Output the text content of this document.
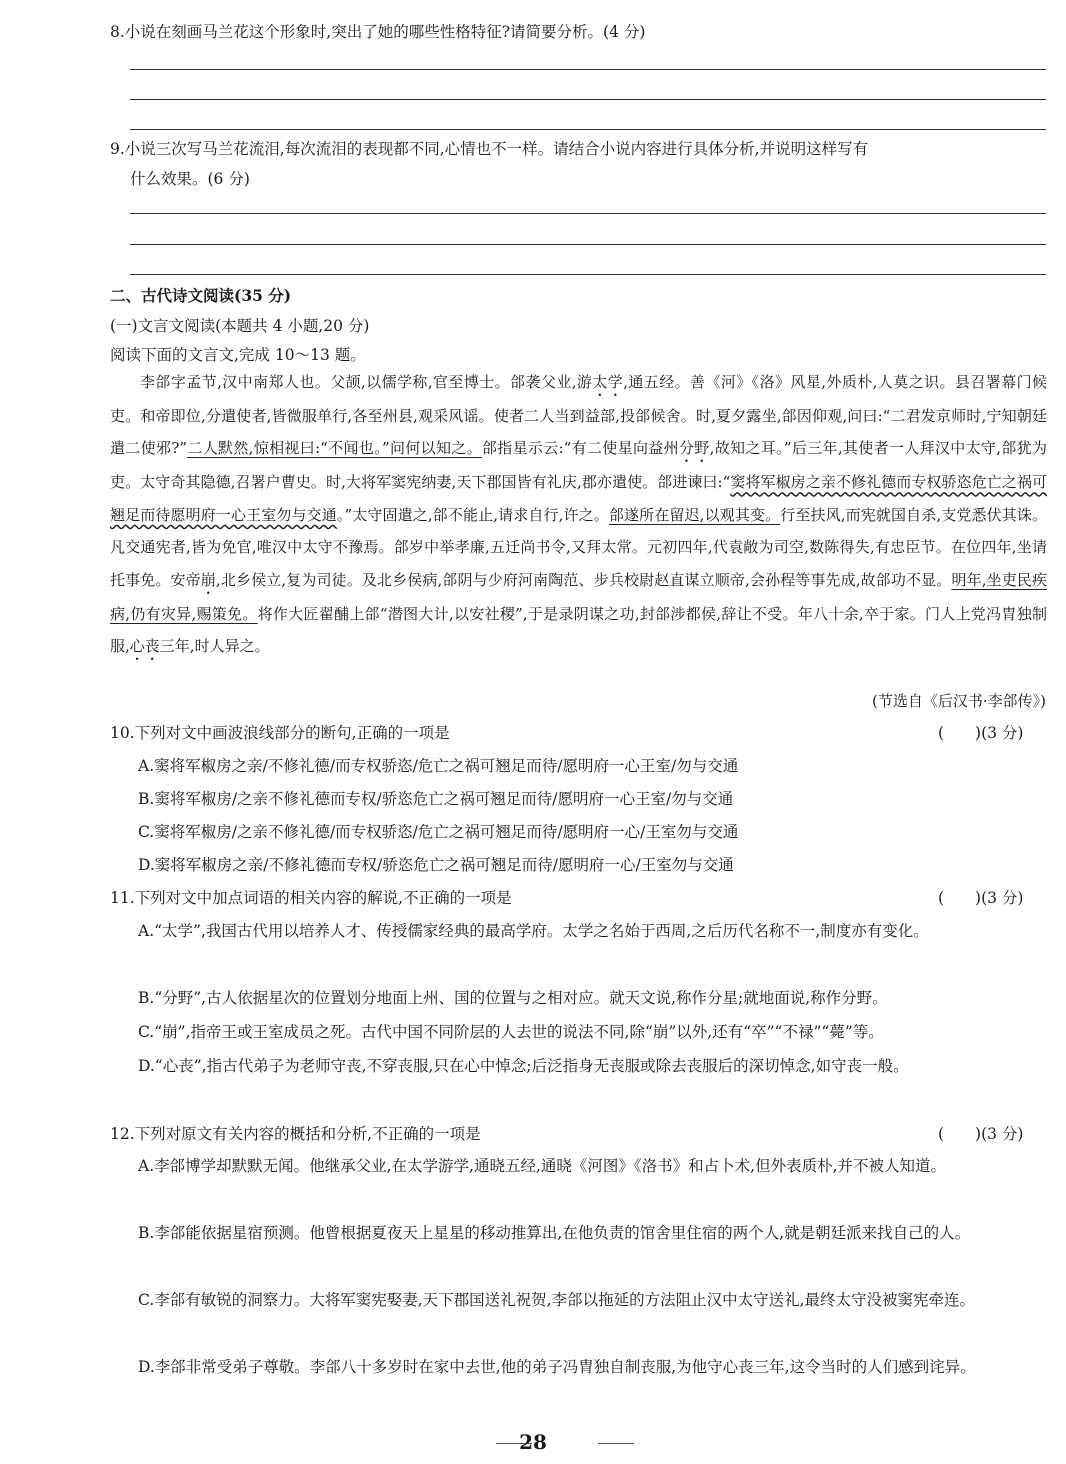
8.小说在刻画马兰花这个形象时,突出了她的哪些性格特征?请简要分析。(4 分)
9.小说三次写马兰花流泪,每次流泪的表现都不同,心情也不一样。请结合小说内容进行具体分析,并说明这样写有
什么效果。(6 分)
二、古代诗文阅读(35 分)
(一)文言文阅读(本题共 4 小题,20 分)
阅读下面的文言文,完成 10～13 题。
李郃字孟节,汉中南郑人也。父颉,以儒学称,官至博士。郃袭父业,游太学,通五经。善《河》《洛》风星,外质朴,人莫之识。县召署幕门候吏。和帝即位,分遣使者,皆微服单行,各至州县,观采风谣。使者二人当到益部,投郃候舍。时,夏夕露坐,郃因仰观,问曰:“二君发京师时,宁知朝廷遣二使邪?”二人默然,惊相视曰:“不闻也。”问何以知之。郃指星示云:“有二使星向益州分野,故知之耳。”后三年,其使者一人拜汉中太守,郃犹为吏。太守奇其隐德,召署户曹史。时,大将军窦宪纳妻,天下郡国皆有礼庆,郡亦遣使。郃进谏曰:“窦将军椒房之亲不修礼德而专权骄恣危亡之祸可翘足而待愿明府一心王室勿与交通。”太守固遣之,郃不能止,请求自行,许之。郃遂所在留迟,以观其变。行至扶风,而宪就国自杀,支党悉伏其诛。凡交通宪者,皆为免官,唯汉中太守不豫焉。郃岁中举孝廉,五迁尚书令,又拜太常。元初四年,代袁敞为司空,数陈得失,有忠臣节。在位四年,坐请托事免。安帝崩,北乡侯立,复为司徒。及北乡侯病,郃阴与少府河南陶范、步兵校尉赵直谋立顺帝,会孙程等事先成,故郃功不显。明年,坐吏民疾病,仍有灾异,赐策免。将作大匠翟酺上郃“潜图大计,以安社稷”,于是录阴谋之功,封郃涉都侯,辞让不受。年八十余,卒于家。门人上党冯胄独制服,心丧三年,时人异之。
(节选自《后汉书·李郃传》)
10.下列对文中画波浪线部分的断句,正确的一项是	(　　)(3 分)
A.窦将军椒房之亲/不修礼德/而专权骄恣/危亡之祸可翘足而待/愿明府一心王室/勿与交通
B.窦将军椒房/之亲不修礼德而专权/骄恣危亡之祸可翘足而待/愿明府一心王室/勿与交通
C.窦将军椒房/之亲不修礼德/而专权骄恣/危亡之祸可翘足而待/愿明府一心/王室勿与交通
D.窦将军椒房之亲/不修礼德而专权/骄恣危亡之祸可翘足而待/愿明府一心/王室勿与交通
11.下列对文中加点词语的相关内容的解说,不正确的一项是	(　　)(3 分)
A.“太学”,我国古代用以培养人才、传授儒家经典的最高学府。太学之名始于西周,之后历代名称不一,制度亦有变化。
B.“分野”,古人依据星次的位置划分地面上州、国的位置与之相对应。就天文说,称作分星;就地面说,称作分野。
C.“崩”,指帝王或王室成员之死。古代中国不同阶层的人去世的说法不同,除“崩”以外,还有“卒”“不禄”“薨”等。
D.“心丧”,指古代弟子为老师守丧,不穿丧服,只在心中悼念;后泛指身无丧服或除去丧服后的深切悼念,如守丧一般。
12.下列对原文有关内容的概括和分析,不正确的一项是	(　　)(3 分)
A.李郃博学却默默无闻。他继承父业,在太学游学,通晓五经,通晓《河图》《洛书》和占卜术,但外表质朴,并不被人知道。
B.李郃能依据星宿预测。他曾根据夏夜天上星星的移动推算出,在他负责的馆舍里住宿的两个人,就是朝廷派来找自己的人。
C.李郃有敏锐的洞察力。大将军窦宪娶妻,天下郡国送礼祝贺,李郃以拖延的方法阻止汉中太守送礼,最终太守没被窦宪牵连。
D.李郃非常受弟子尊敬。李郃八十多岁时在家中去世,他的弟子冯胄独自制丧服,为他守心丧三年,这令当时的人们感到诧异。
28
